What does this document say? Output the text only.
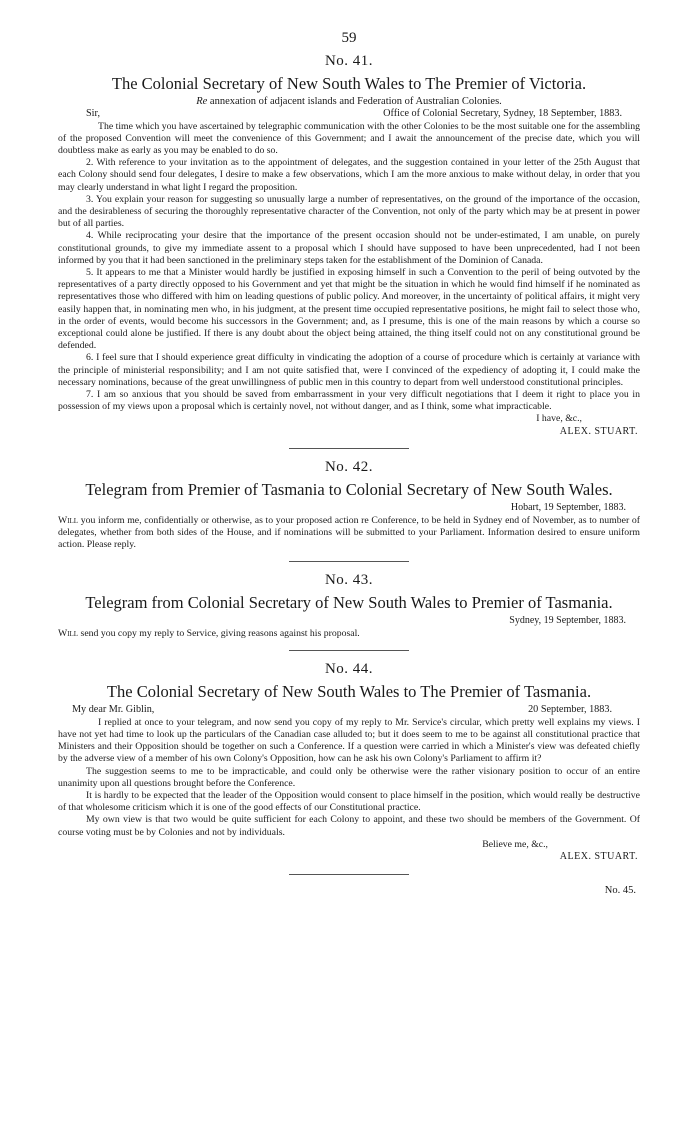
59
No. 41.
The Colonial Secretary of New South Wales to The Premier of Victoria.
Re annexation of adjacent islands and Federation of Australian Colonies.
Sir,	Office of Colonial Secretary, Sydney, 18 September, 1883.

The time which you have ascertained by telegraphic communication with the other Colonies to be the most suitable one for the assembling of the proposed Convention will meet the convenience of this Government; and I await the announcement of the precise date, which you will doubtless make as early as you may be enabled to do so.

2. With reference to your invitation as to the appointment of delegates, and the suggestion contained in your letter of the 25th August that each Colony should send four delegates, I desire to make a few observations, which I am the more anxious to make without delay, in order that you may clearly understand in what light I regard the proposition.

3. You explain your reason for suggesting so unusually large a number of representatives, on the ground of the importance of the occasion, and the desirableness of securing the thoroughly representative character of the Convention, not only of the party which may be at present in power but of all parties.

4. While reciprocating your desire that the importance of the present occasion should not be under-estimated, I am unable, on purely constitutional grounds, to give my immediate assent to a proposal which I should have supposed to have been unprecedented, had I not been informed by you that it had been sanctioned in the preliminary steps taken for the establishment of the Dominion of Canada.

5. It appears to me that a Minister would hardly be justified in exposing himself in such a Convention to the peril of being outvoted by the representatives of a party directly opposed to his Government and yet that might be the situation in which he would find himself if he nominated as representatives those who differed with him on leading questions of public policy. And moreover, in the uncertainty of political affairs, it might very easily happen that, in nominating men who, in his judgment, at the present time occupied representative positions, he might fail to select those who, in the order of events, would become his successors in the Government; and, as I presume, this is one of the main reasons by which a course so exceptional could alone be justified. If there is any doubt about the object being attained, the thing itself could not on any constitutional ground be defended.

6. I feel sure that I should experience great difficulty in vindicating the adoption of a course of procedure which is certainly at variance with the principle of ministerial responsibility; and I am not quite satisfied that, were I convinced of the expediency of adopting it, I could make the necessary nominations, because of the great unwillingness of public men in this country to depart from well understood constitutional principles.

7. I am so anxious that you should be saved from embarrassment in your very difficult negotiations that I deem it right to place you in possession of my views upon a proposal which is certainly novel, not without danger, and as I think, some what impracticable.

I have, &c.,
ALEX. STUART.
No. 42.
Telegram from Premier of Tasmania to Colonial Secretary of New South Wales.
Hobart, 19 September, 1883.

Will you inform me, confidentially or otherwise, as to your proposed action re Conference, to be held in Sydney end of November, as to number of delegates, whether from both sides of the House, and if nominations will be submitted to your Parliament. Information desired to ensure uniform action. Please reply.

No. 43.
Telegram from Colonial Secretary of New South Wales to Premier of Tasmania.
Sydney, 19 September, 1883.

Will send you copy my reply to Service, giving reasons against his proposal.

No. 44.
The Colonial Secretary of New South Wales to The Premier of Tasmania.
My dear Mr. Giblin,	20 September, 1883.

I replied at once to your telegram, and now send you copy of my reply to Mr. Service's circular, which pretty well explains my views. I have not yet had time to look up the particulars of the Canadian case alluded to; but it does seem to me to be against all constitutional practice that Ministers and their Opposition should be together on such a Conference. If a question were carried in which a Minister's view was defeated chiefly by the adverse view of a member of his own Colony's Opposition, how can he ask his own Colony's Parliament to affirm it?

The suggestion seems to me to be impracticable, and could only be otherwise were the rather visionary position to occur of an entire unanimity upon all questions brought before the Conference.

It is hardly to be expected that the leader of the Opposition would consent to place himself in the position, which would really be destructive of that wholesome criticism which it is one of the good effects of our Constitutional practice.

My own view is that two would be quite sufficient for each Colony to appoint, and these two should be members of the Government. Of course voting must be by Colonies and not by individuals.

Believe me, &c.,
ALEX. STUART.
No. 45.
